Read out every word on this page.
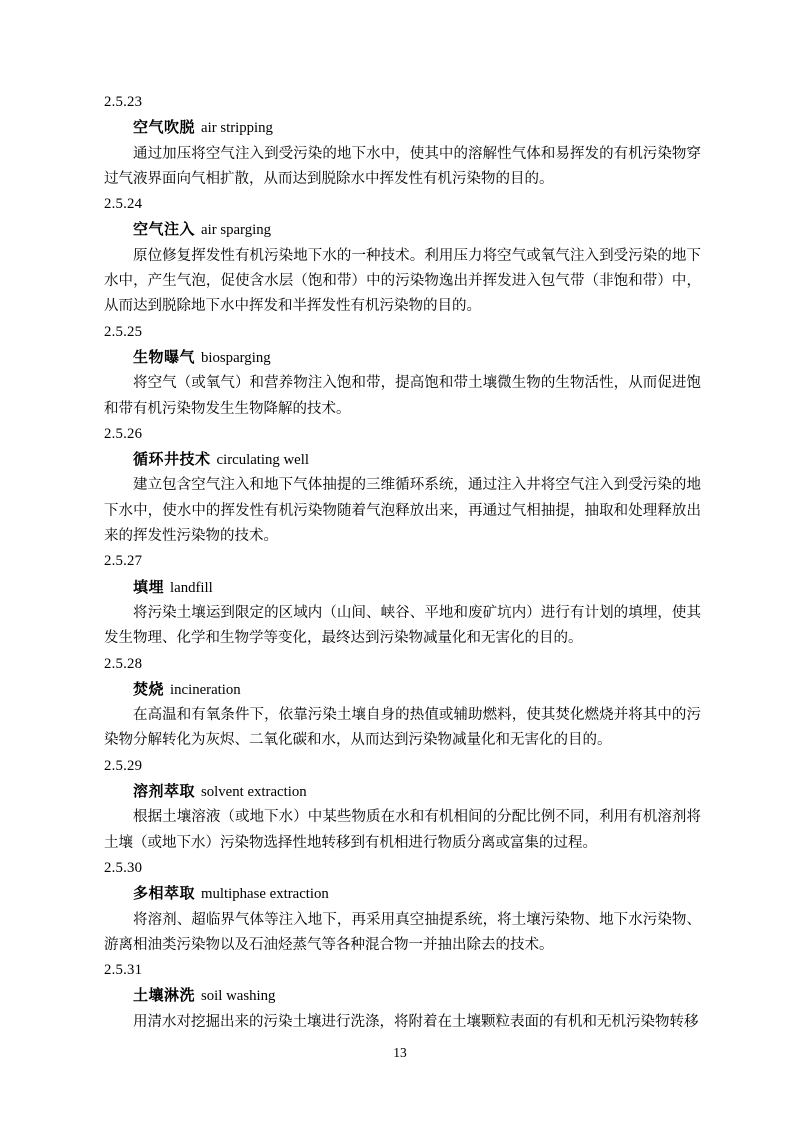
2.5.23
空气吹脱 air stripping

通过加压将空气注入到受污染的地下水中，使其中的溶解性气体和易挥发的有机污染物穿过气液界面向气相扩散，从而达到脱除水中挥发性有机污染物的目的。

2.5.24
空气注入 air sparging

原位修复挥发性有机污染地下水的一种技术。利用压力将空气或氧气注入到受污染的地下水中，产生气泡，促使含水层（饱和带）中的污染物逸出并挥发进入包气带（非饱和带）中，从而达到脱除地下水中挥发和半挥发性有机污染物的目的。

2.5.25
生物曝气 biosparging

将空气（或氧气）和营养物注入饱和带，提高饱和带土壤微生物的生物活性，从而促进饱和带有机污染物发生生物降解的技术。

2.5.26
循环井技术 circulating well

建立包含空气注入和地下气体抽提的三维循环系统，通过注入井将空气注入到受污染的地下水中，使水中的挥发性有机污染物随着气泡释放出来，再通过气相抽提，抽取和处理释放出来的挥发性污染物的技术。

2.5.27
填埋 landfill

将污染土壤运到限定的区域内（山间、峡谷、平地和废矿坑内）进行有计划的填埋，使其发生物理、化学和生物学等变化，最终达到污染物减量化和无害化的目的。

2.5.28
焚烧 incineration

在高温和有氧条件下，依靠污染土壤自身的热值或辅助燃料，使其焚化燃烧并将其中的污染物分解转化为灰烬、二氧化碳和水，从而达到污染物减量化和无害化的目的。

2.5.29
溶剂萃取 solvent extraction

根据土壤溶液（或地下水）中某些物质在水和有机相间的分配比例不同，利用有机溶剂将土壤（或地下水）污染物选择性地转移到有机相进行物质分离或富集的过程。

2.5.30
多相萃取 multiphase extraction

将溶剂、超临界气体等注入地下，再采用真空抽提系统，将土壤污染物、地下水污染物、游离相油类污染物以及石油烃蒸气等各种混合物一并抽出除去的技术。

2.5.31
土壤淋洗 soil washing

用清水对挖掘出来的污染土壤进行洗涤，将附着在土壤颗粒表面的有机和无机污染物转移

13
